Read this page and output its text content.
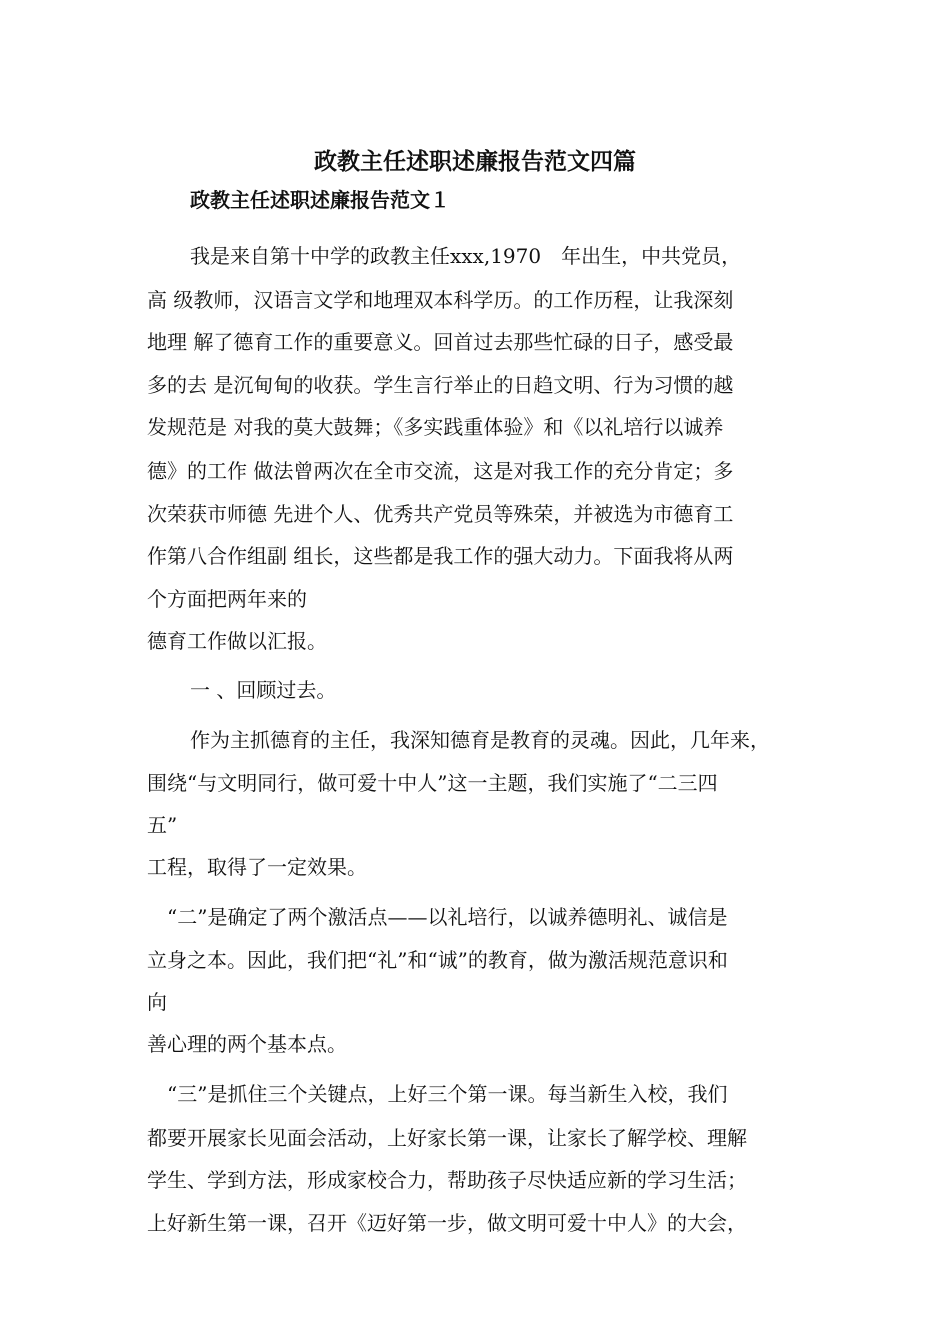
政教主任述职述廉报告范文四篇
政教主任述职述廉报告范文１
我是来自第十中学的政教主任xxx,1970　年出生，中共党员，
高 级教师，汉语言文学和地理双本科学历。的工作历程，让我深刻
地理 解了德育工作的重要意义。回首过去那些忙碌的日子，感受最
多的去 是沉甸甸的收获。学生言行举止的日趋文明、行为习惯的越
发规范是 对我的莫大鼓舞；《多实践重体验》和《以礼培行以诚养
德》的工作 做法曾两次在全市交流，这是对我工作的充分肯定；多
次荣获市师德 先进个人、优秀共产党员等殊荣，并被选为市德育工
作第八合作组副 组长，这些都是我工作的强大动力。下面我将从两
个方面把两年来的
德育工作做以汇报。
一 、回顾过去。
作为主抓德育的主任，我深知德育是教育的灵魂。因此，几年来，
围绕“与文明同行，做可爱十中人”这一主题，我们实施了“二三四
五”
工程，取得了一定效果。
“二”是确定了两个激活点——以礼培行，以诚养德明礼、诚信是
立身之本。因此，我们把“礼”和“诚”的教育，做为激活规范意识和
向
善心理的两个基本点。
“三”是抓住三个关键点，上好三个第一课。每当新生入校，我们
都要开展家长见面会活动，上好家长第一课，让家长了解学校、理解
学生、学到方法，形成家校合力，帮助孩子尽快适应新的学习生活；
上好新生第一课，召开《迈好第一步，做文明可爱十中人》的大会，
